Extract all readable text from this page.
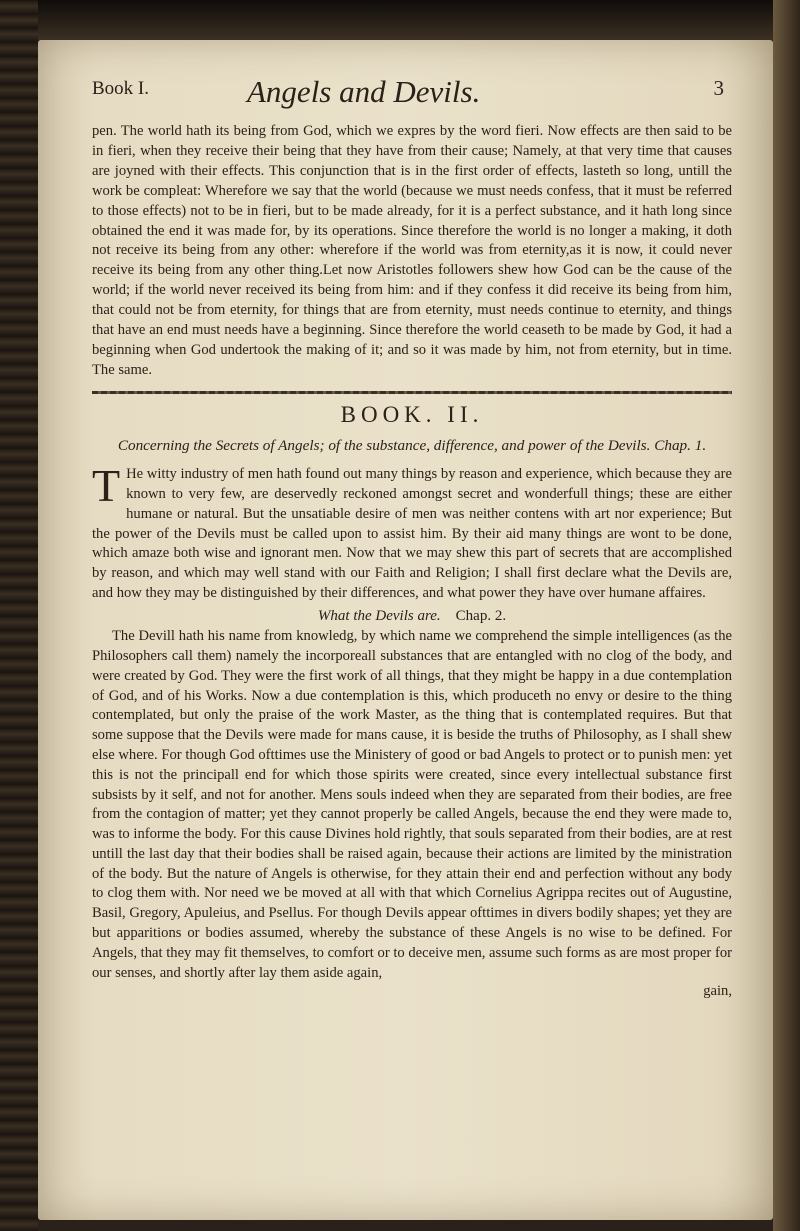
Book I.	Angels and Devils.	3

pen. The world hath its being from God, which we expres by the word fieri. Now effects are then said to be in fieri, when they receive their being that they have from their cause; Namely, at that very time that causes are joyned with their effects. This conjunction that is in the first order of effects, lasteth so long, untill the work be compleat: Wherefore we say that the world (because we must needs confess, that it must be referred to those effects) not to be in fieri, but to be made already, for it is a perfect substance, and it hath long since obtained the end it was made for, by its operations. Since therefore the world is no longer a making, it doth not receive its being from any other: wherefore if the world was from eternity,as it is now, it could never receive its being from any other thing.Let now Aristotles followers shew how God can be the cause of the world; if the world never received its being from him: and if they confess it did receive its being from him, that could not be from eternity, for things that are from eternity, must needs continue to eternity, and things that have an end must needs have a beginning. Since therefore the world ceaseth to be made by God, it had a beginning when God undertook the making of it; and so it was made by him, not from eternity, but in time. The same.

BOOK. II.

Concerning the Secrets of Angels; of the substance, difference, and power of the Devils. Chap. 1.

T He witty industry of men hath found out many things by reason and experience, which because they are known to very few, are deservedly reckoned amongst secret and wonderfull things; these are either humane or natural. But the unsatiable desire of men was neither contens with art nor experience; But the power of the Devils must be called upon to assist him. By their aid many things are wont to be done, which amaze both wise and ignorant men. Now that we may shew this part of secrets that are accomplished by reason, and which may well stand with our Faith and Religion; I shall first declare what the Devils are, and how they may be distinguished by their differences, and what power they have over humane affaires.

What the Devils are. Chap. 2.

The Devill hath his name from knowledg, by which name we comprehend the simple intelligences (as the Philosophers call them) namely the incorporeall substances that are entangled with no clog of the body, and were created by God. They were the first work of all things, that they might be happy in a due contemplation of God, and of his Works. Now a due contemplation is this, which produceth no envy or desire to the thing contemplated, but only the praise of the work Master, as the thing that is contemplated requires. But that some suppose that the Devils were made for mans cause, it is beside the truths of Philosophy, as I shall shew else where. For though God ofttimes use the Ministery of good or bad Angels to protect or to punish men: yet this is not the principall end for which those spirits were created, since every intellectual substance first subsists by it self, and not for another. Mens souls indeed when they are separated from their bodies, are free from the contagion of matter; yet they cannot properly be called Angels, because the end they were made to, was to informe the body. For this cause Divines hold rightly, that souls separated from their bodies, are at rest untill the last day that their bodies shall be raised again, because their actions are limited by the ministration of the body. But the nature of Angels is otherwise, for they attain their end and perfection without any body to clog them with. Nor need we be moved at all with that which Cornelius Agrippa recites out of Augustine, Basil, Gregory, Apuleius, and Psellus. For though Devils appear ofttimes in divers bodily shapes; yet they are but apparitions or bodies assumed, whereby the substance of these Angels is no wise to be defined. For Angels, that they may fit themselves, to comfort or to deceive men, assume such forms as are most proper for our senses, and shortly after lay them aside again,

gain,
